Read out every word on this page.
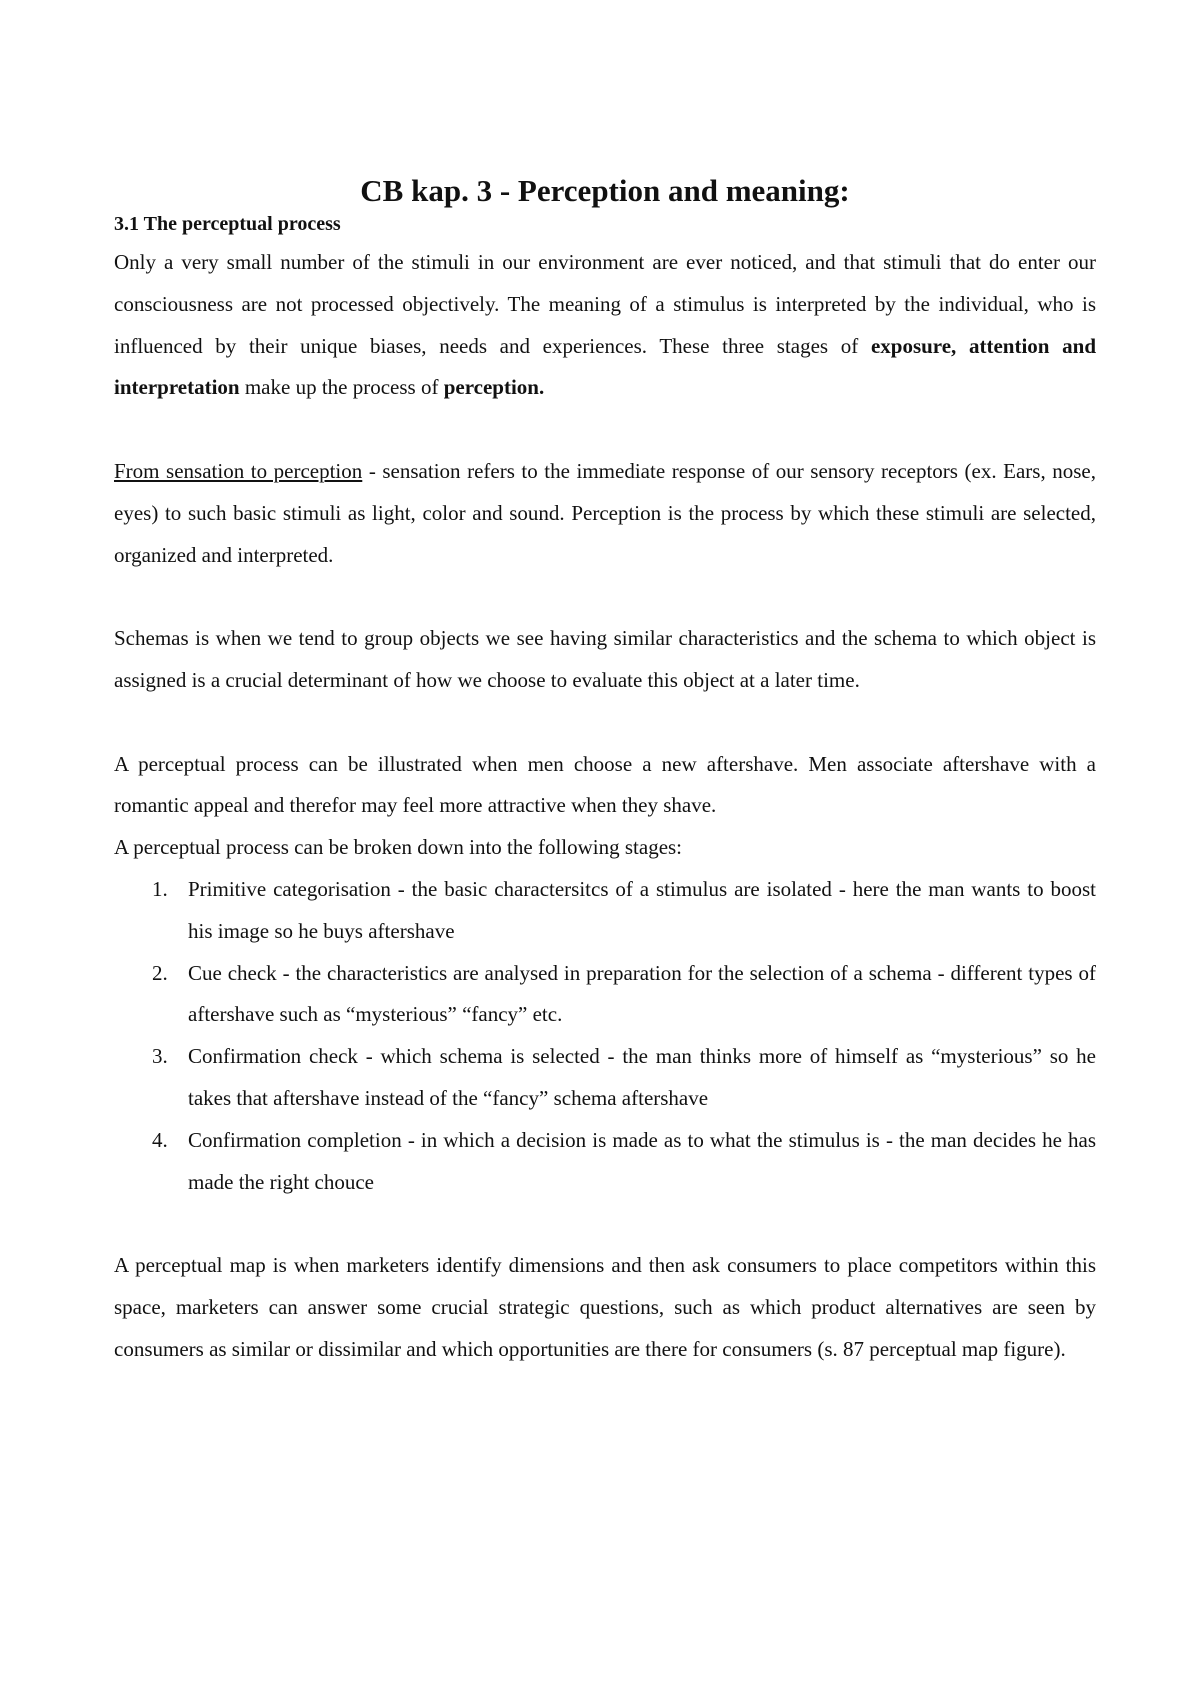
CB kap. 3 - Perception and meaning:
3.1 The perceptual process

Only a very small number of the stimuli in our environment are ever noticed, and that stimuli that do enter our consciousness are not processed objectively. The meaning of a stimulus is interpreted by the individual, who is influenced by their unique biases, needs and experiences. These three stages of exposure, attention and interpretation make up the process of perception.

From sensation to perception - sensation refers to the immediate response of our sensory receptors (ex. Ears, nose, eyes) to such basic stimuli as light, color and sound. Perception is the process by which these stimuli are selected, organized and interpreted.

Schemas is when we tend to group objects we see having similar characteristics and the schema to which object is assigned is a crucial determinant of how we choose to evaluate this object at a later time.

A perceptual process can be illustrated when men choose a new aftershave. Men associate aftershave with a romantic appeal and therefor may feel more attractive when they shave.

A perceptual process can be broken down into the following stages:

1. Primitive categorisation - the basic charactersitcs of a stimulus are isolated - here the man wants to boost his image so he buys aftershave
2. Cue check - the characteristics are analysed in preparation for the selection of a schema - different types of aftershave such as “mysterious” “fancy” etc.
3. Confirmation check - which schema is selected - the man thinks more of himself as “mysterious” so he takes that aftershave instead of the “fancy” schema aftershave
4. Confirmation completion - in which a decision is made as to what the stimulus is - the man decides he has made the right chouce

A perceptual map is when marketers identify dimensions and then ask consumers to place competitors within this space, marketers can answer some crucial strategic questions, such as which product alternatives are seen by consumers as similar or dissimilar and which opportunities are there for consumers (s. 87 perceptual map figure).
